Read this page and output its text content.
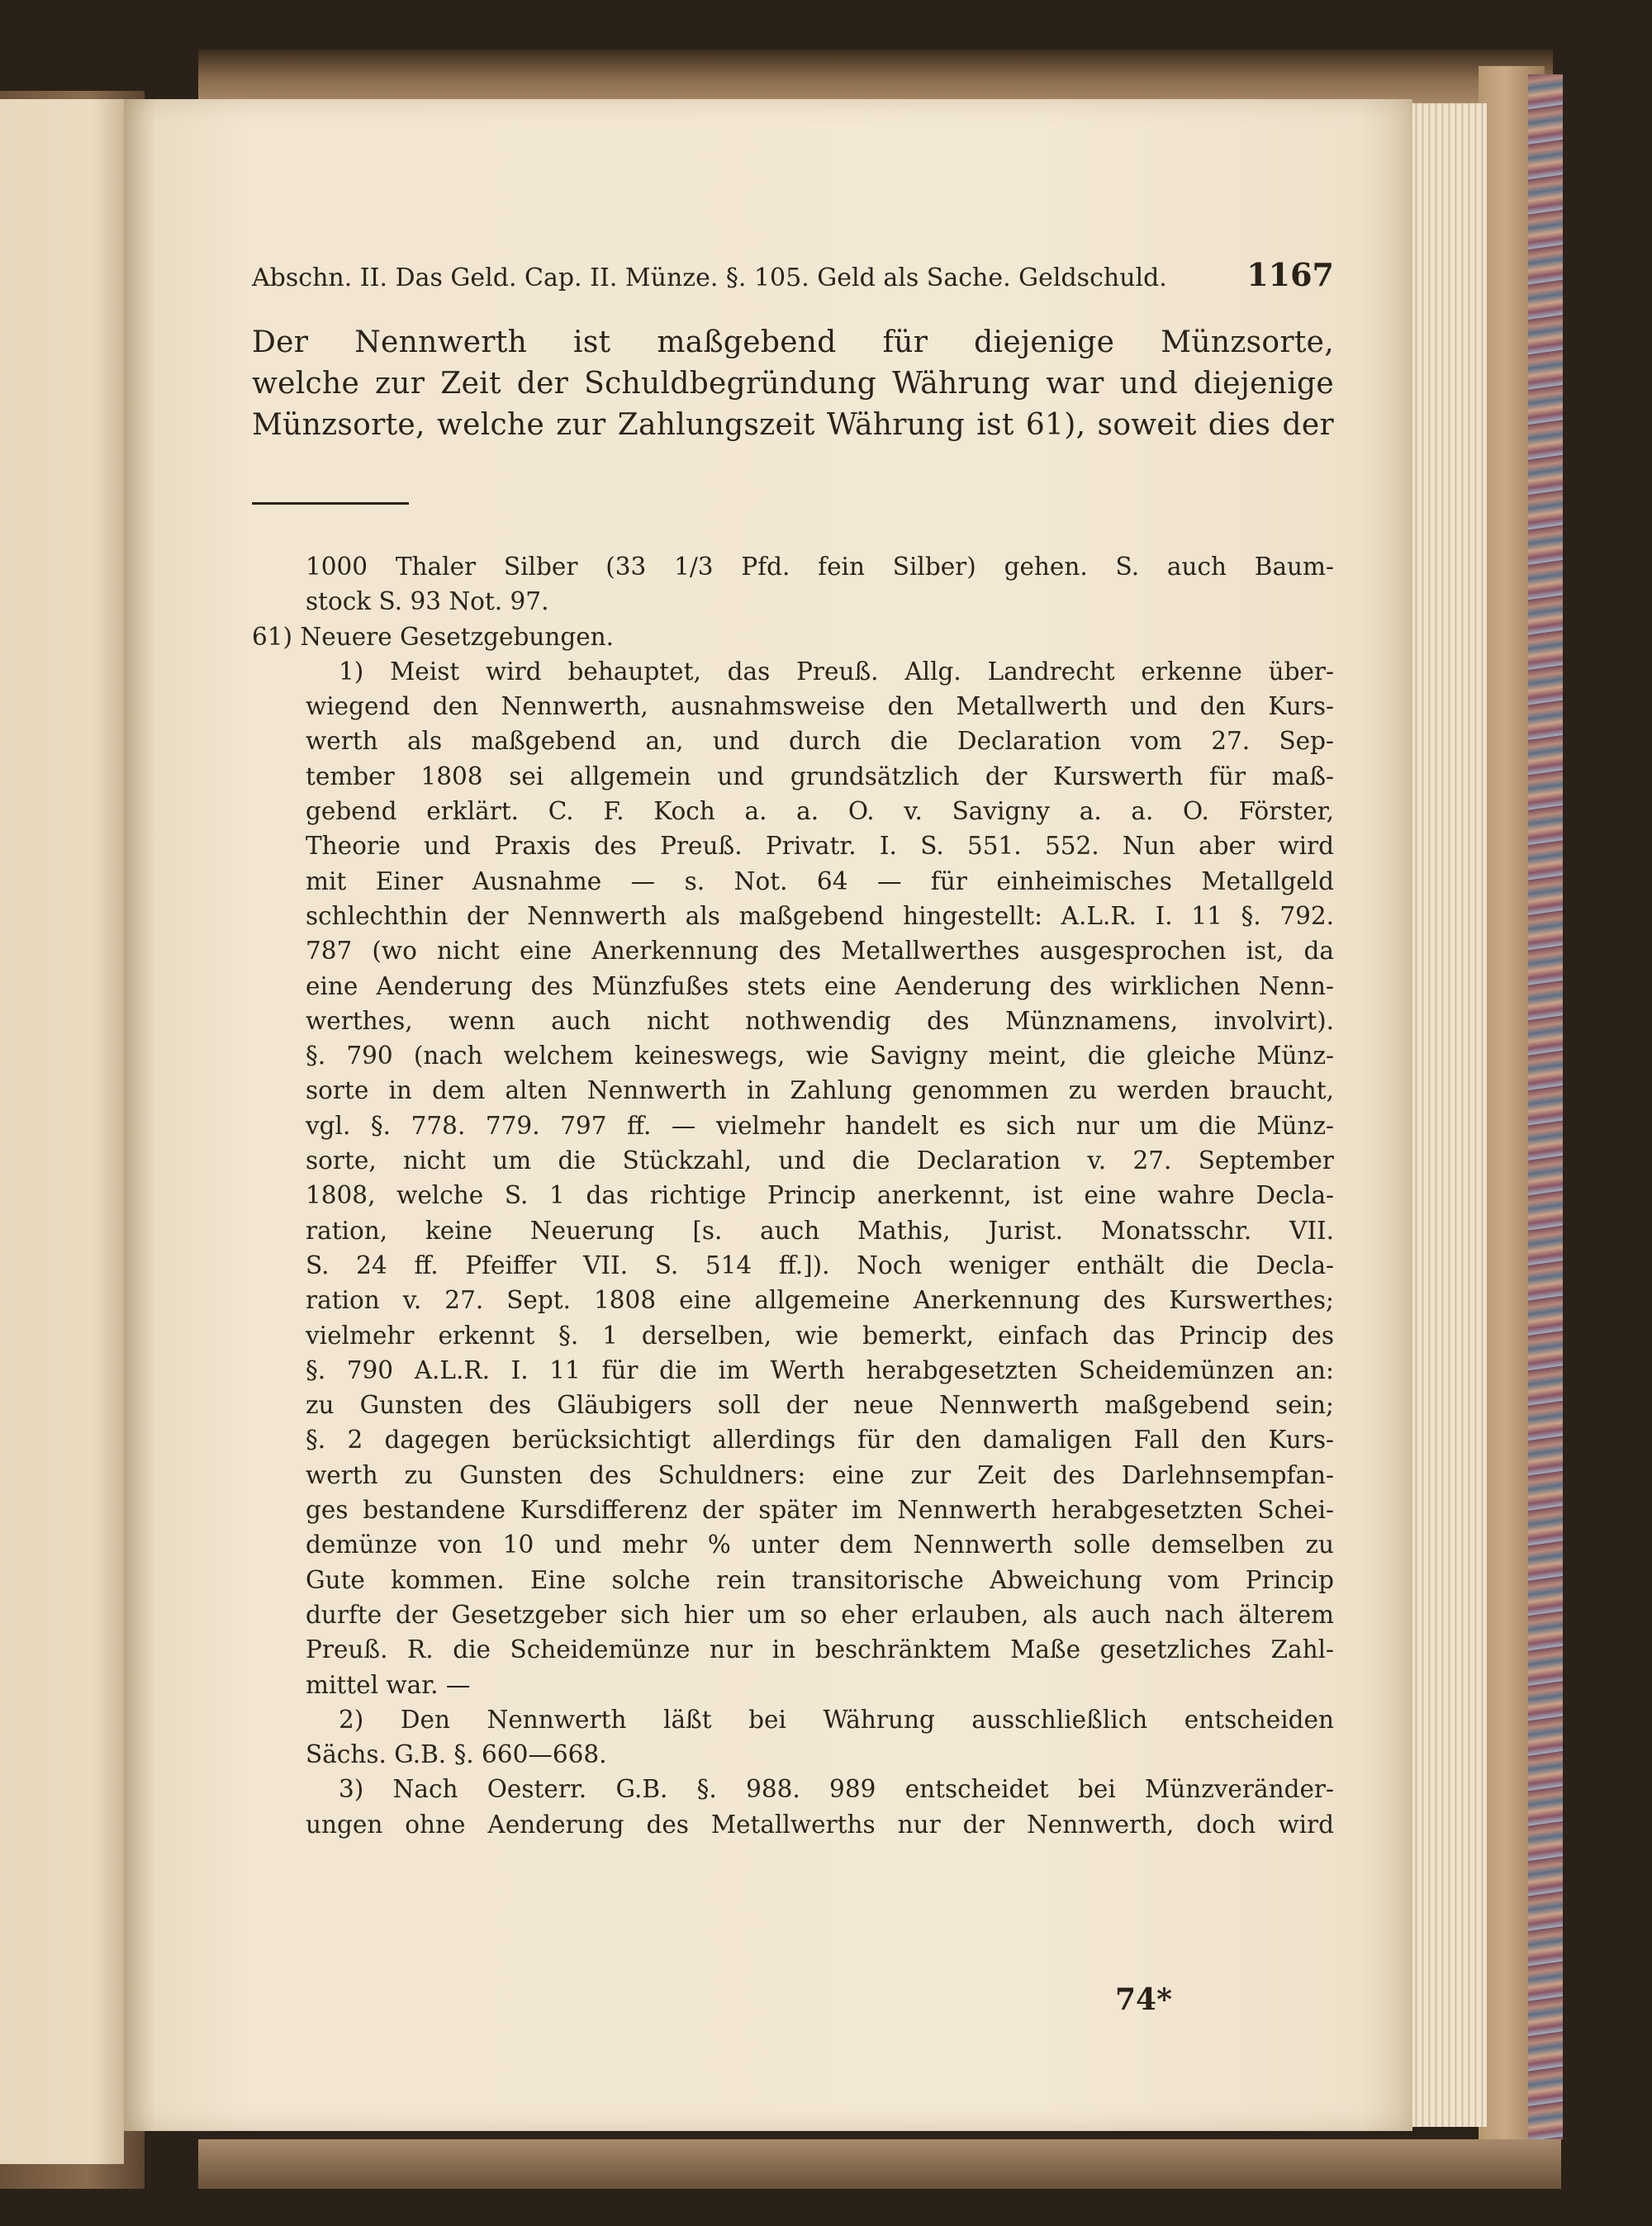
Abschn. II. Das Geld. Cap. II. Münze. §. 105. Geld als Sache. Geldschuld.	1167
Der Nennwerth ist maßgebend für diejenige Münzsorte,
welche zur Zeit der Schuldbegründung Währung war und diejenige
Münzsorte, welche zur Zahlungszeit Währung ist 61), soweit dies der
1000 Thaler Silber (33 1/3 Pfd. fein Silber) gehen. S. auch Baum-
stock S. 93 Not. 97.
61) Neuere Gesetzgebungen.
1) Meist wird behauptet, das Preuß. Allg. Landrecht erkenne über-
wiegend den Nennwerth, ausnahmsweise den Metallwerth und den Kurs-
werth als maßgebend an, und durch die Declaration vom 27. Sep-
tember 1808 sei allgemein und grundsätzlich der Kurswerth für maß-
gebend erklärt. C. F. Koch a. a. O. v. Savigny a. a. O. Förster,
Theorie und Praxis des Preuß. Privatr. I. S. 551. 552. Nun aber wird
mit Einer Ausnahme — s. Not. 64 — für einheimisches Metallgeld
schlechthin der Nennwerth als maßgebend hingestellt: A.L.R. I. 11 §. 792.
787 (wo nicht eine Anerkennung des Metallwerthes ausgesprochen ist, da
eine Aenderung des Münzfußes stets eine Aenderung des wirklichen Nenn-
werthes, wenn auch nicht nothwendig des Münznamens, involvirt).
§. 790 (nach welchem keineswegs, wie Savigny meint, die gleiche Münz-
sorte in dem alten Nennwerth in Zahlung genommen zu werden braucht,
vgl. §. 778. 779. 797 ff. — vielmehr handelt es sich nur um die Münz-
sorte, nicht um die Stückzahl, und die Declaration v. 27. September
1808, welche S. 1 das richtige Princip anerkennt, ist eine wahre Decla-
ration, keine Neuerung [s. auch Mathis, Jurist. Monatsschr. VII.
S. 24 ff. Pfeiffer VII. S. 514 ff.]). Noch weniger enthält die Decla-
ration v. 27. Sept. 1808 eine allgemeine Anerkennung des Kurswerthes;
vielmehr erkennt §. 1 derselben, wie bemerkt, einfach das Princip des
§. 790 A.L.R. I. 11 für die im Werth herabgesetzten Scheidemünzen an:
zu Gunsten des Gläubigers soll der neue Nennwerth maßgebend sein;
§. 2 dagegen berücksichtigt allerdings für den damaligen Fall den Kurs-
werth zu Gunsten des Schuldners: eine zur Zeit des Darlehnsempfan-
ges bestandene Kursdifferenz der später im Nennwerth herabgesetzten Schei-
demünze von 10 und mehr % unter dem Nennwerth solle demselben zu
Gute kommen. Eine solche rein transitorische Abweichung vom Princip
durfte der Gesetzgeber sich hier um so eher erlauben, als auch nach älterem
Preuß. R. die Scheidemünze nur in beschränktem Maße gesetzliches Zahl-
mittel war. —
2) Den Nennwerth läßt bei Währung ausschließlich entscheiden
Sächs. G.B. §. 660—668.
3) Nach Oesterr. G.B. §. 988. 989 entscheidet bei Münzveränder-
ungen ohne Aenderung des Metallwerths nur der Nennwerth, doch wird
74*
